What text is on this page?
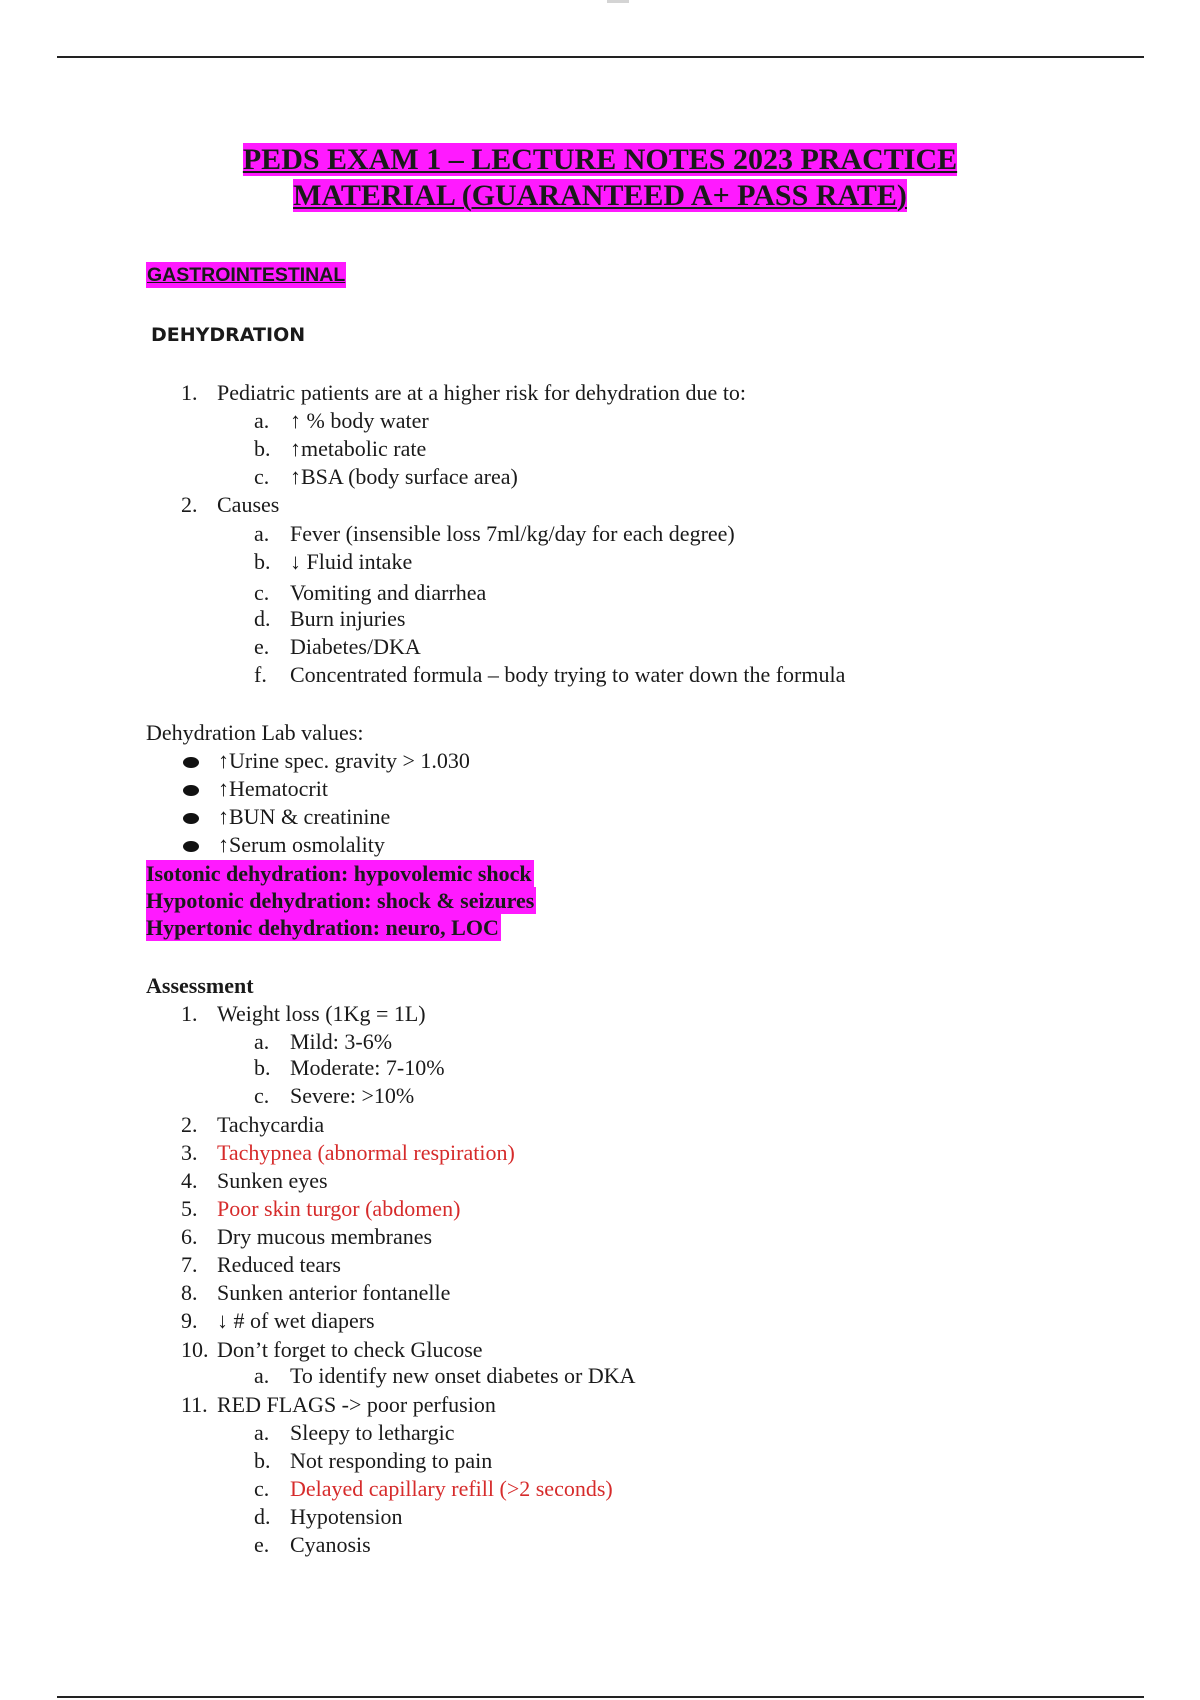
PEDS EXAM 1 – LECTURE NOTES 2023 PRACTICE
MATERIAL (GUARANTEED A+ PASS RATE)
GASTROINTESTINAL
DEHYDRATION
1. Pediatric patients are at a higher risk for dehydration due to:
a. ↑ % body water
b. ↑metabolic rate
c. ↑BSA (body surface area)
2. Causes
a. Fever (insensible loss 7ml/kg/day for each degree)
b. ↓ Fluid intake
c. Vomiting and diarrhea
d. Burn injuries
e. Diabetes/DKA
f. Concentrated formula – body trying to water down the formula
Dehydration Lab values:
↑Urine spec. gravity > 1.030
↑Hematocrit
↑BUN & creatinine
↑Serum osmolality
Isotonic dehydration: hypovolemic shock
Hypotonic dehydration: shock & seizures
Hypertonic dehydration: neuro, LOC
Assessment
1. Weight loss (1Kg = 1L)
a. Mild: 3-6%
b. Moderate: 7-10%
c. Severe: >10%
2. Tachycardia
3. Tachypnea (abnormal respiration)
4. Sunken eyes
5. Poor skin turgor (abdomen)
6. Dry mucous membranes
7. Reduced tears
8. Sunken anterior fontanelle
9. ↓ # of wet diapers
10. Don’t forget to check Glucose
a. To identify new onset diabetes or DKA
11. RED FLAGS -> poor perfusion
a. Sleepy to lethargic
b. Not responding to pain
c. Delayed capillary refill (>2 seconds)
d. Hypotension
e. Cyanosis
